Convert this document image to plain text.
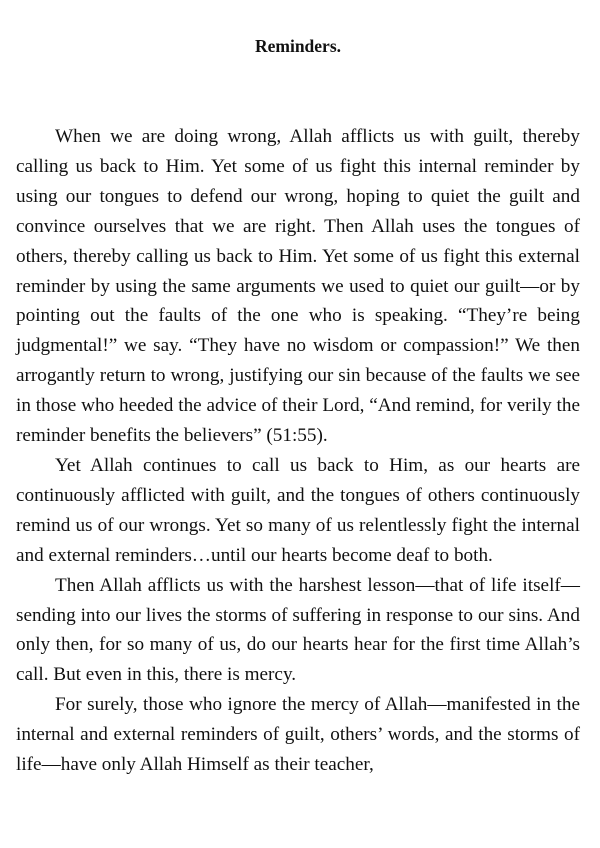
Reminders.

When we are doing wrong, Allah afflicts us with guilt, thereby calling us back to Him. Yet some of us fight this internal reminder by using our tongues to defend our wrong, hoping to quiet the guilt and convince ourselves that we are right. Then Allah uses the tongues of others, thereby calling us back to Him. Yet some of us fight this external reminder by using the same arguments we used to quiet our guilt—or by pointing out the faults of the one who is speaking. “They’re being judgmental!” we say. “They have no wisdom or compassion!” We then arrogantly return to wrong, justifying our sin because of the faults we see in those who heeded the advice of their Lord, “And remind, for verily the reminder benefits the believers” (51:55).

Yet Allah continues to call us back to Him, as our hearts are continuously afflicted with guilt, and the tongues of others continuously remind us of our wrongs. Yet so many of us relentlessly fight the internal and external reminders…until our hearts become deaf to both.

Then Allah afflicts us with the harshest lesson—that of life itself—sending into our lives the storms of suffering in response to our sins. And only then, for so many of us, do our hearts hear for the first time Allah’s call. But even in this, there is mercy.

For surely, those who ignore the mercy of Allah—manifested in the internal and external reminders of guilt, others’ words, and the storms of life—have only Allah Himself as their teacher,
